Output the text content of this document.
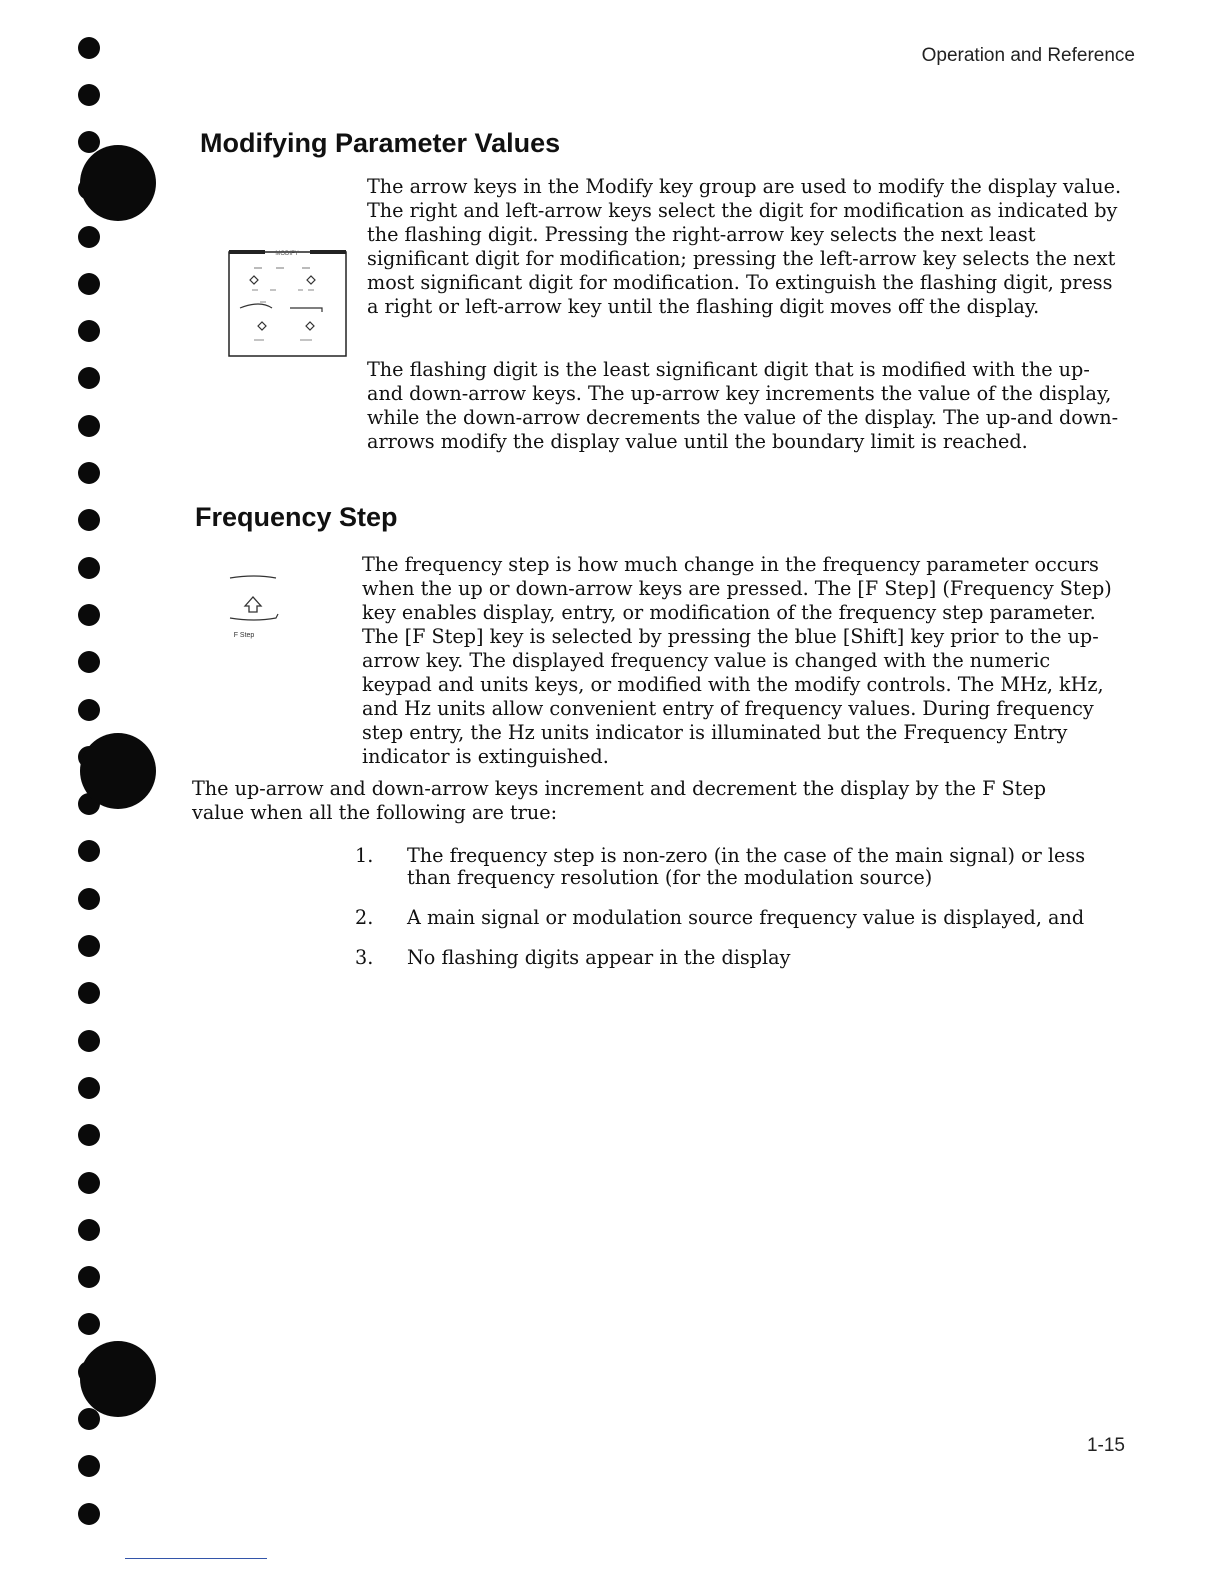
Operation and Reference
Modifying Parameter Values
MODIFY

The arrow keys in the Modify key group are used to modify the display value. The right and left-arrow keys select the digit for modification as indicated by the flashing digit. Pressing the right-arrow key selects the next least significant digit for modification; pressing the left-arrow key selects the next most significant digit for modification. To extinguish the flashing digit, press a right or left-arrow key until the flashing digit moves off the display.

The flashing digit is the least significant digit that is modified with the up- and down-arrow keys. The up-arrow key increments the value of the display, while the down-arrow decrements the value of the display. The up-and down-arrows modify the display value until the boundary limit is reached.

Frequency Step
F Step

The frequency step is how much change in the frequency parameter occurs when the up or down-arrow keys are pressed. The [F Step] (Frequency Step) key enables display, entry, or modification of the frequency step parameter. The [F Step] key is selected by pressing the blue [Shift] key prior to the up-arrow key. The displayed frequency value is changed with the numeric keypad and units keys, or modified with the modify controls. The MHz, kHz, and Hz units allow convenient entry of frequency values. During frequency step entry, the Hz units indicator is illuminated but the Frequency Entry indicator is extinguished.

The up-arrow and down-arrow keys increment and decrement the display by the F Step value when all the following are true:

1.	The frequency step is non-zero (in the case of the main signal) or less than frequency resolution (for the modulation source)
2.	A main signal or modulation source frequency value is displayed, and
3.	No flashing digits appear in the display
1-15
